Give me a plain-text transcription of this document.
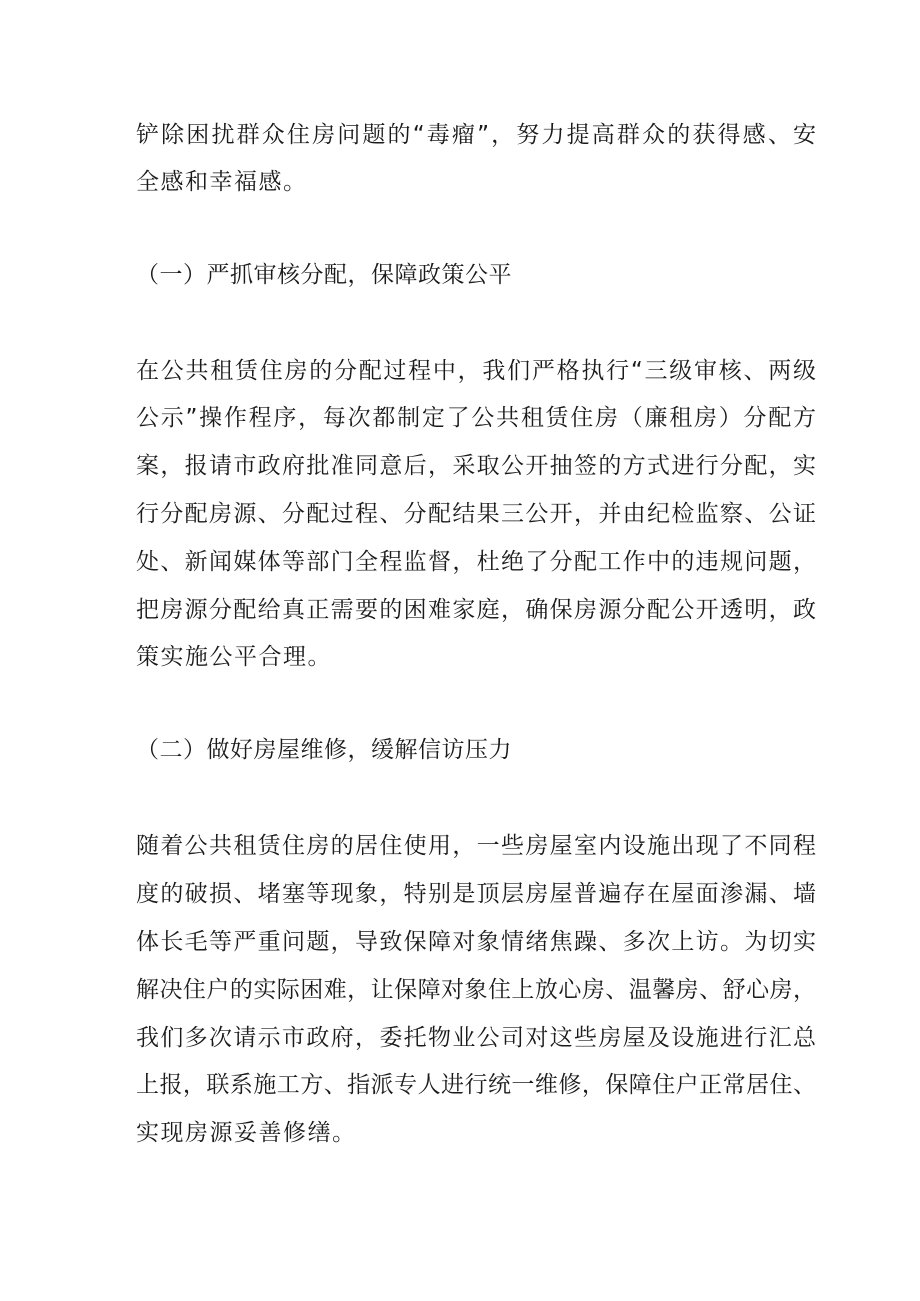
铲除困扰群众住房问题的“毒瘤”，努力提高群众的获得感、安
全感和幸福感。
（一）严抓审核分配，保障政策公平
在公共租赁住房的分配过程中，我们严格执行“三级审核、两级
公示”操作程序，每次都制定了公共租赁住房（廉租房）分配方
案，报请市政府批准同意后，采取公开抽签的方式进行分配，实
行分配房源、分配过程、分配结果三公开，并由纪检监察、公证
处、新闻媒体等部门全程监督，杜绝了分配工作中的违规问题，
把房源分配给真正需要的困难家庭，确保房源分配公开透明，政
策实施公平合理。
（二）做好房屋维修，缓解信访压力
随着公共租赁住房的居住使用，一些房屋室内设施出现了不同程
度的破损、堵塞等现象，特别是顶层房屋普遍存在屋面渗漏、墙
体长毛等严重问题，导致保障对象情绪焦躁、多次上访。为切实
解决住户的实际困难，让保障对象住上放心房、温馨房、舒心房，
我们多次请示市政府，委托物业公司对这些房屋及设施进行汇总
上报，联系施工方、指派专人进行统一维修，保障住户正常居住、
实现房源妥善修缮。
